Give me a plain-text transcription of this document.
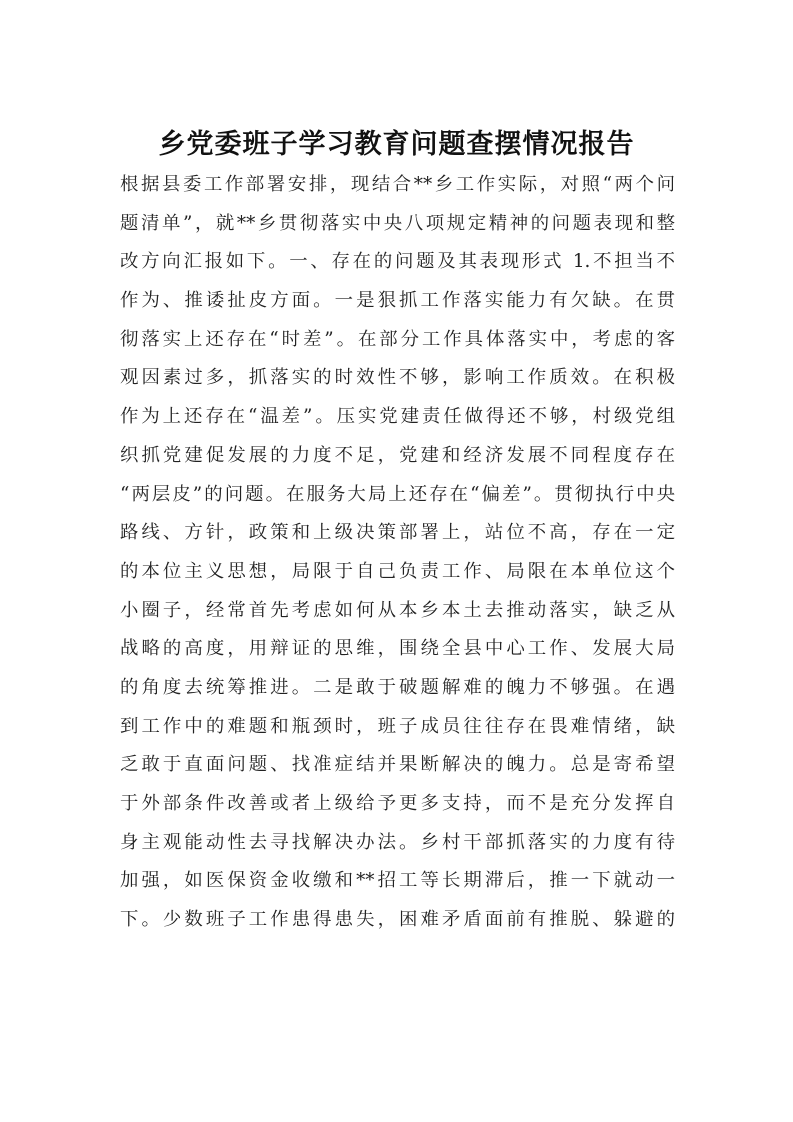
乡党委班子学习教育问题查摆情况报告
根据县委工作部署安排，现结合**乡工作实际，对照“两个问
题清单”，就**乡贯彻落实中央八项规定精神的问题表现和整
改方向汇报如下。一、存在的问题及其表现形式 1.不担当不
作为、推诿扯皮方面。一是狠抓工作落实能力有欠缺。在贯
彻落实上还存在“时差”。在部分工作具体落实中，考虑的客
观因素过多，抓落实的时效性不够，影响工作质效。在积极
作为上还存在“温差”。压实党建责任做得还不够，村级党组
织抓党建促发展的力度不足，党建和经济发展不同程度存在
“两层皮”的问题。在服务大局上还存在“偏差”。贯彻执行中央
路线、方针，政策和上级决策部署上，站位不高，存在一定
的本位主义思想，局限于自己负责工作、局限在本单位这个
小圈子，经常首先考虑如何从本乡本土去推动落实，缺乏从
战略的高度，用辩证的思维，围绕全县中心工作、发展大局
的角度去统筹推进。二是敢于破题解难的魄力不够强。在遇
到工作中的难题和瓶颈时，班子成员往往存在畏难情绪，缺
乏敢于直面问题、找准症结并果断解决的魄力。总是寄希望
于外部条件改善或者上级给予更多支持，而不是充分发挥自
身主观能动性去寻找解决办法。乡村干部抓落实的力度有待
加强，如医保资金收缴和**招工等长期滞后，推一下就动一
下。少数班子工作患得患失，困难矛盾面前有推脱、躲避的
